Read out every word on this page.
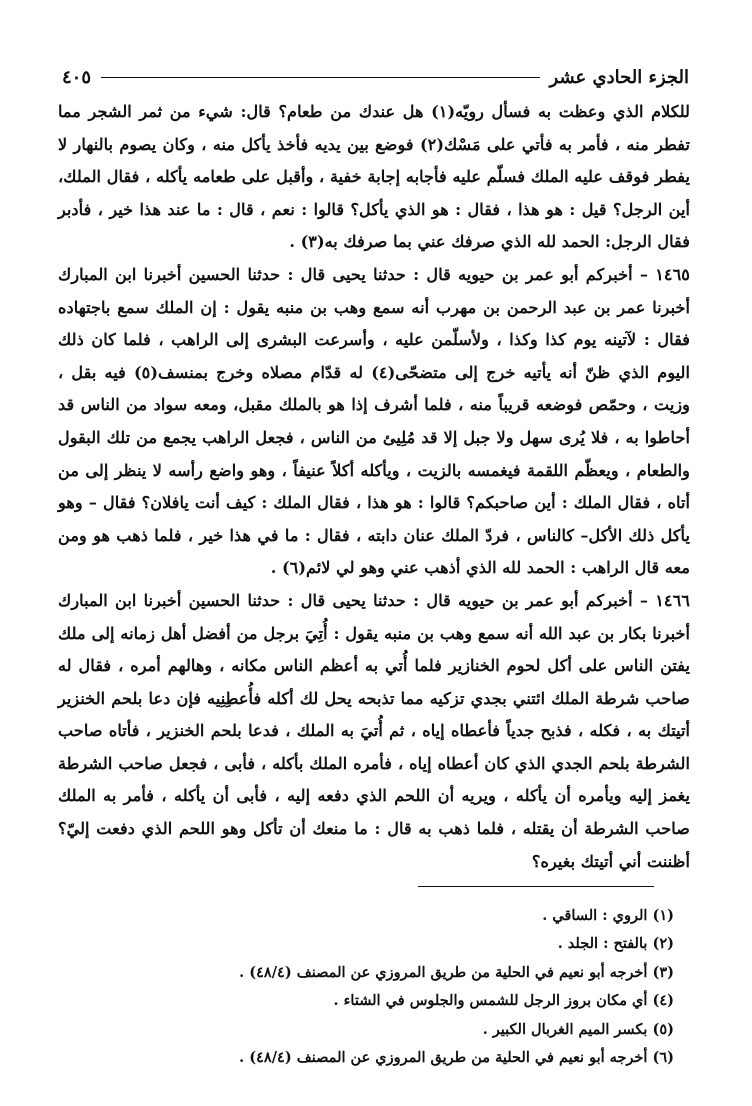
الجزء الحادي عشر
٤٠٥

للكلام الذي وعظت به فسأل رويّه(١) هل عندك من طعام؟ قال: شيء من ثمر الشجر مما تفطر منه ، فأمر به فأتي على مَسْك(٢) فوضع بين يديه فأخذ يأكل منه ، وكان يصوم بالنهار لا يفطر فوقف عليه الملك فسلّم عليه فأجابه إجابة خفية ، وأقبل على طعامه يأكله ، فقال الملك، أين الرجل؟ قيل : هو هذا ، فقال : هو الذي يأكل؟ قالوا : نعم ، قال : ما عند هذا خير ، فأدبر فقال الرجل: الحمد لله الذي صرفك عني بما صرفك به(٣) .

١٤٦٥ – أخبركم أبو عمر بن حيويه قال : حدثنا يحيى قال : حدثنا الحسين أخبرنا ابن المبارك أخبرنا عمر بن عبد الرحمن بن مهرب أنه سمع وهب بن منبه يقول : إن الملك سمع باجتهاده فقال : لآتينه يوم كذا وكذا ، ولأسلّمن عليه ، وأسرعت البشرى إلى الراهب ، فلما كان ذلك اليوم الذي ظنّ أنه يأتيه خرج إلى متضحّى(٤) له قدّام مصلاه وخرج بمنسف(٥) فيه بقل ، وزيت ، وحمّص فوضعه قريباً منه ، فلما أشرف إذا هو بالملك مقبل، ومعه سواد من الناس قد أحاطوا به ، فلا يُرى سهل ولا جبل إلا قد مُلِيئ من الناس ، فجعل الراهب يجمع من تلك البقول والطعام ، ويعظّم اللقمة فيغمسه بالزيت ، ويأكله أكلاً عنيفاً ، وهو واضع رأسه لا ينظر إلى من أتاه ، فقال الملك : أين صاحبكم؟ قالوا : هو هذا ، فقال الملك : كيف أنت يافلان؟ فقال – وهو يأكل ذلك الأكل– كالناس ، فردّ الملك عنان دابته ، فقال : ما في هذا خير ، فلما ذهب هو ومن معه قال الراهب : الحمد لله الذي أذهب عني وهو لي لائم(٦) .

١٤٦٦ – أخبركم أبو عمر بن حيويه قال : حدثنا يحيى قال : حدثنا الحسين أخبرنا ابن المبارك أخبرنا بكار بن عبد الله أنه سمع وهب بن منبه يقول : أُتِيَ برجل من أفضل أهل زمانه إلى ملك يفتن الناس على أكل لحوم الخنازير فلما أُتي به أعظم الناس مكانه ، وهالهم أمره ، فقال له صاحب شرطة الملك ائتني بجدي تزكيه مما تذبحه يحل لك أكله فأُعطِنِيه فإن دعا بلحم الخنزير أتيتك به ، فكله ، فذبح جدياً فأعطاه إياه ، ثم أُتيَ به الملك ، فدعا بلحم الخنزير ، فأتاه صاحب الشرطة بلحم الجدي الذي كان أعطاه إياه ، فأمره الملك بأكله ، فأبى ، فجعل صاحب الشرطة يغمز إليه ويأمره أن يأكله ، ويريه أن اللحم الذي دفعه إليه ، فأبى أن يأكله ، فأمر به الملك صاحب الشرطة أن يقتله ، فلما ذهب به قال : ما منعك أن تأكل وهو اللحم الذي دفعت إليّ؟ أظننت أني أتيتك بغيره؟

(١) الروي : الساقي .
(٢) بالفتح : الجلد .
(٣) أخرجه أبو نعيم في الحلية من طريق المروزي عن المصنف (٤٨/٤) .
(٤) أي مكان بروز الرجل للشمس والجلوس في الشتاء .
(٥) بكسر الميم الغربال الكبير .
(٦) أخرجه أبو نعيم في الحلية من طريق المروزي عن المصنف (٤٨/٤) .
